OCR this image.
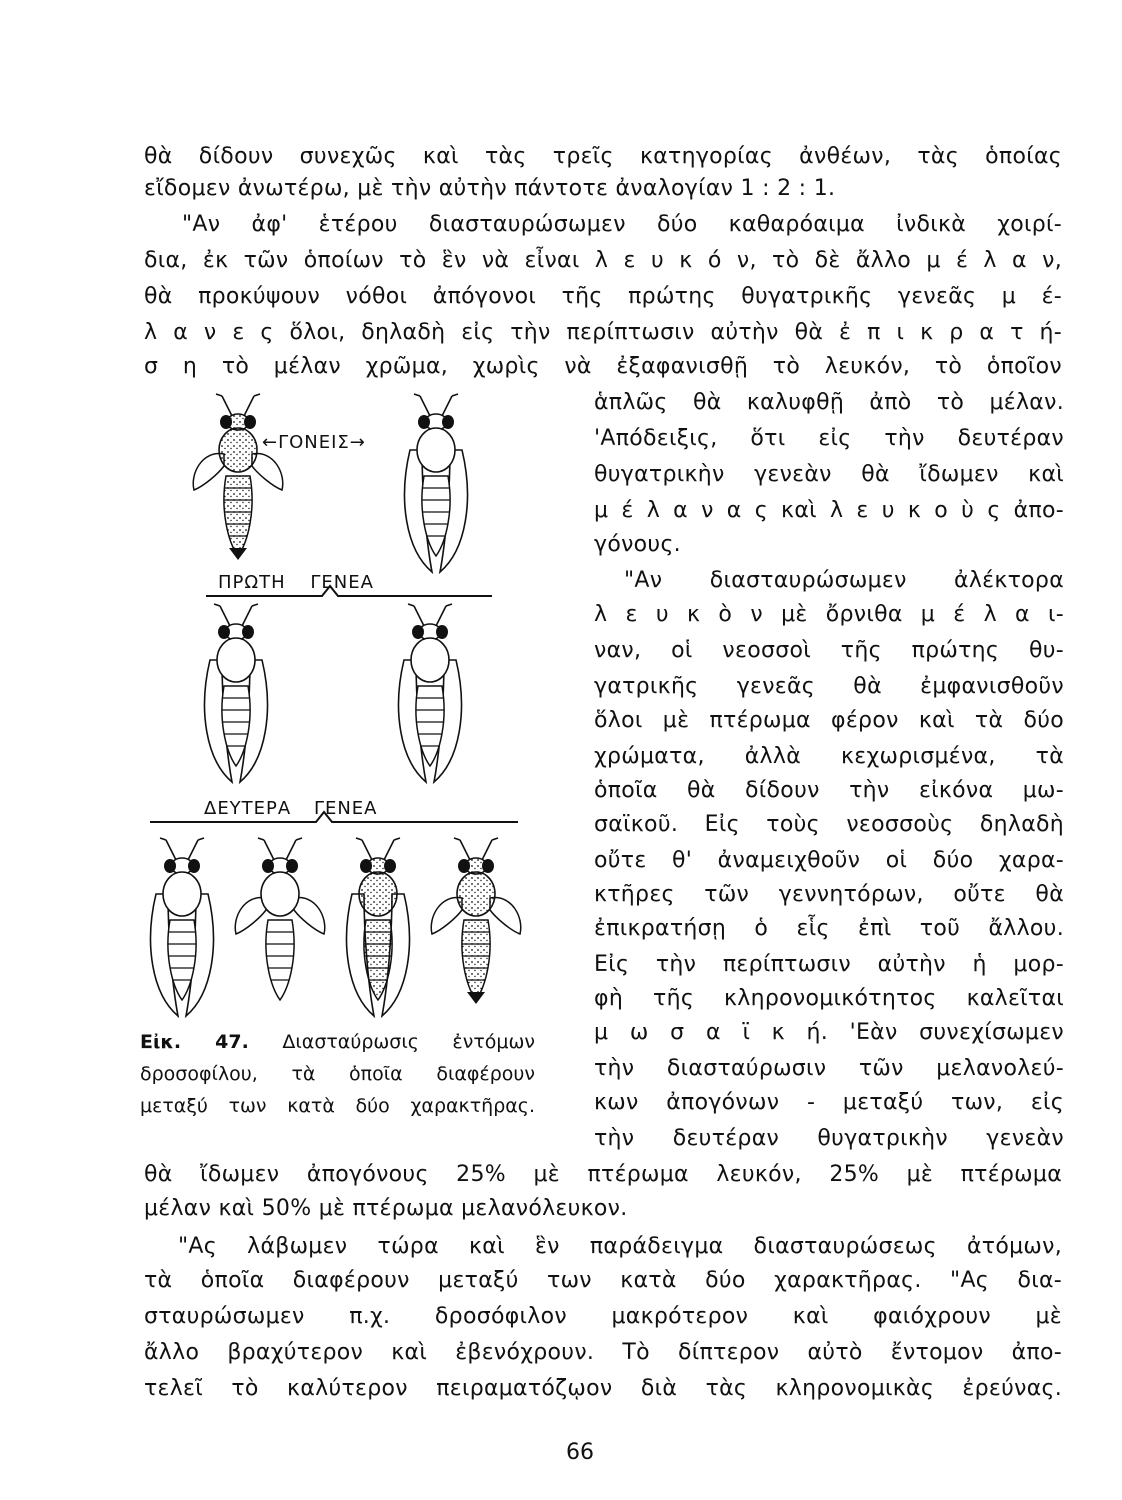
θὰ δίδουν συνεχῶς καὶ τὰς τρεῖς κατηγορίας ἀνθέων, τὰς ὁποίας
εἴδομεν ἀνωτέρω, μὲ τὴν αὐτὴν πάντοτε ἀναλογίαν 1 : 2 : 1.
"Αν ἀφ' ἑτέρου διασταυρώσωμεν δύο καθαρόαιμα ἰνδικὰ χοιρί-
δια, ἐκ τῶν ὁποίων τὸ ἓν νὰ εἶναι λ ε υ κ ό ν, τὸ δὲ ἄλλο μ έ λ α ν,
θὰ προκύψουν νόθοι ἀπόγονοι τῆς πρώτης θυγατρικῆς γενεᾶς μ έ-
λ α ν ε ς ὅλοι, δηλαδὴ εἰς τὴν περίπτωσιν αὐτὴν θὰ ἐ π ι κ ρ α τ ή-
σ η τὸ μέλαν χρῶμα, χωρὶς νὰ ἐξαφανισθῇ τὸ λευκόν, τὸ ὁποῖον
ἁπλῶς θὰ καλυφθῇ ἀπὸ τὸ μέλαν.
'Απόδειξις, ὅτι εἰς τὴν δευτέραν
θυγατρικὴν γενεὰν θὰ ἴδωμεν καὶ
μ έ λ α ν α ς καὶ λ ε υ κ ο ὺ ς ἀπο-
γόνους.
"Αν διασταυρώσωμεν ἀλέκτορα
λ ε υ κ ὸ ν μὲ ὄρνιθα μ έ λ α ι-
ναν, οἱ νεοσσοὶ τῆς πρώτης θυ-
γατρικῆς γενεᾶς θὰ ἐμφανισθοῦν
ὅλοι μὲ πτέρωμα φέρον καὶ τὰ δύο
χρώματα, ἀλλὰ κεχωρισμένα, τὰ
ὁποῖα θὰ δίδουν τὴν εἰκόνα μω-
σαϊκοῦ. Εἰς τοὺς νεοσσοὺς δηλαδὴ
οὔτε θ' ἀναμειχθοῦν οἱ δύο χαρα-
κτῆρες τῶν γεννητόρων, οὔτε θὰ
ἐπικρατήσῃ ὁ εἷς ἐπὶ τοῦ ἄλλου.
Εἰς τὴν περίπτωσιν αὐτὴν ἡ μορ-
φὴ τῆς κληρονομικότητος καλεῖται
μ ω σ α ϊ κ ή. 'Εὰν συνεχίσωμεν
τὴν διασταύρωσιν τῶν μελανολεύ-
κων ἀπογόνων - μεταξύ των, εἰς
τὴν δευτέραν θυγατρικὴν γενεὰν
θὰ ἴδωμεν ἀπογόνους 25% μὲ πτέρωμα λευκόν, 25% μὲ πτέρωμα
μέλαν καὶ 50% μὲ πτέρωμα μελανόλευκον.
"Ας λάβωμεν τώρα καὶ ἓν παράδειγμα διασταυρώσεως ἀτόμων,
τὰ ὁποῖα διαφέρουν μεταξύ των κατὰ δύο χαρακτῆρας. "Ας δια-
σταυρώσωμεν π.χ. δροσόφιλον μακρότερον καὶ φαιόχρουν μὲ
ἄλλο βραχύτερον καὶ ἐβενόχρουν. Τὸ δίπτερον αὐτὸ ἔντομον ἀπο-
τελεῖ τὸ καλύτερον πειραματόζῳον διὰ τὰς κληρονομικὰς ἐρεύνας.
←ΓΟΝΕΙΣ→
ΠΡΩΤΗ ΓΕΝΕΑ
ΔΕΥΤΕΡΑ ΓΕΝΕΑ
Εἰκ. 47. Διασταύρωσις ἐντόμων
δροσοφίλου, τὰ ὁποῖα διαφέρουν
μεταξύ των κατὰ δύο χαρακτῆρας.
66
